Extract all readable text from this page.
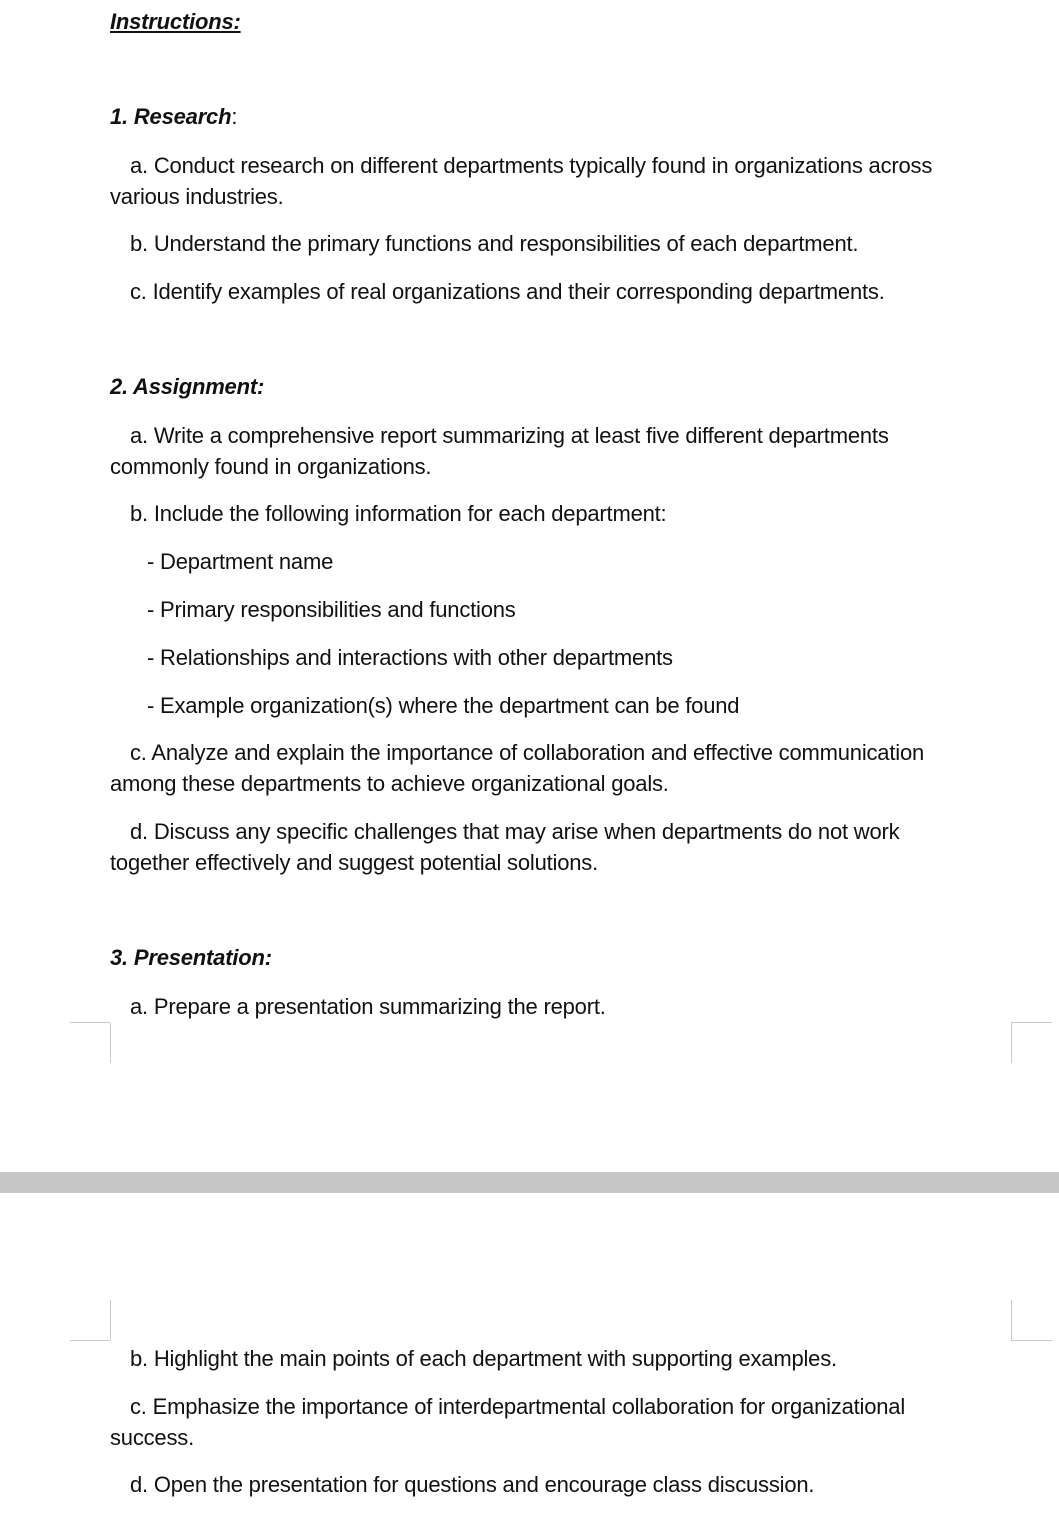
Instructions:
1. Research:
a. Conduct research on different departments typically found in organizations across various industries.
b. Understand the primary functions and responsibilities of each department.
c. Identify examples of real organizations and their corresponding departments.
2. Assignment:
a. Write a comprehensive report summarizing at least five different departments commonly found in organizations.
b. Include the following information for each department:
- Department name
- Primary responsibilities and functions
- Relationships and interactions with other departments
- Example organization(s) where the department can be found
c. Analyze and explain the importance of collaboration and effective communication among these departments to achieve organizational goals.
d. Discuss any specific challenges that may arise when departments do not work together effectively and suggest potential solutions.
3. Presentation:
a. Prepare a presentation summarizing the report.
b. Highlight the main points of each department with supporting examples.
c. Emphasize the importance of interdepartmental collaboration for organizational success.
d. Open the presentation for questions and encourage class discussion.
